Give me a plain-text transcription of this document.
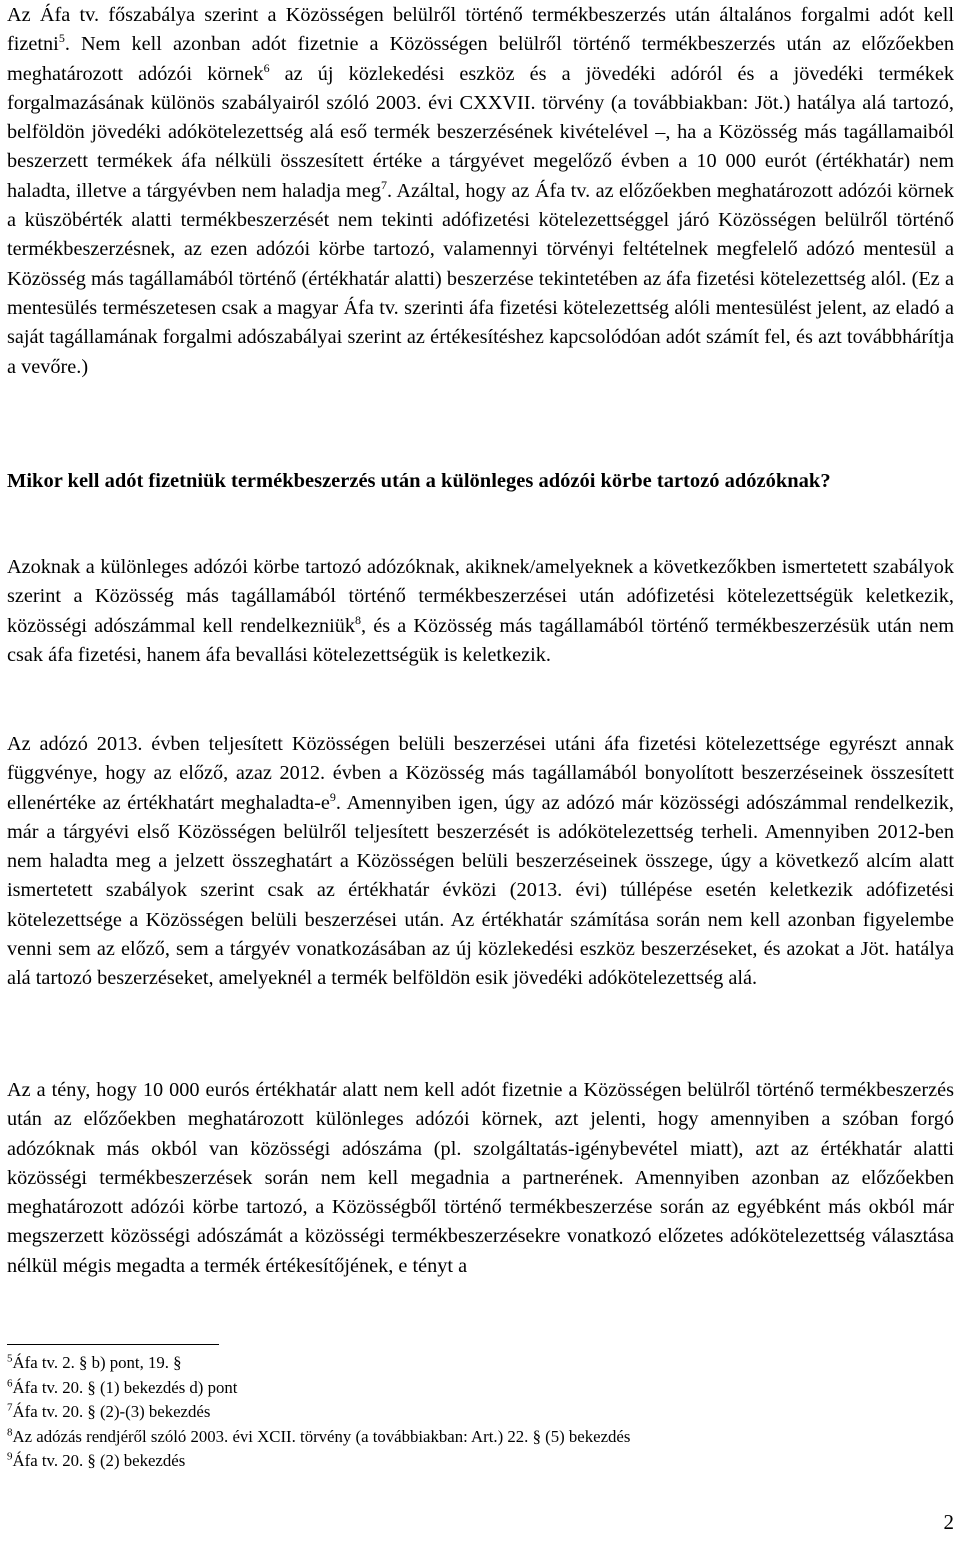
Az Áfa tv. főszabálya szerint a Közösségen belülről történő termékbeszerzés után általános forgalmi adót kell fizetni$^5$. Nem kell azonban adót fizetnie a Közösségen belülről történő termékbeszerzés után az előzőekben meghatározott adózói körnek$^6$ az új közlekedési eszköz és a jövedéki adóról és a jövedéki termékek forgalmazásának különös szabályairól szóló 2003. évi CXXVII. törvény (a továbbiakban: Jöt.) hatálya alá tartozó, belföldön jövedéki adókötelezettség alá eső termék beszerzésének kivételével –, ha a Közösség más tagállamaiból beszerzett termékek áfa nélküli összesített értéke a tárgyévet megelőző évben a 10 000 eurót (értékhatár) nem haladta, illetve a tárgyévben nem haladja meg$^7$. Azáltal, hogy az Áfa tv. az előzőekben meghatározott adózói körnek a küszöbérték alatti termékbeszerzését nem tekinti adófizetési kötelezettséggel járó Közösségen belülről történő termékbeszerzésnek, az ezen adózói körbe tartozó, valamennyi törvényi feltételnek megfelelő adózó mentesül a Közösség más tagállamából történő (értékhatár alatti) beszerzése tekintetében az áfa fizetési kötelezettség alól. (Ez a mentesülés természetesen csak a magyar Áfa tv. szerinti áfa fizetési kötelezettség alóli mentesülést jelent, az eladó a saját tagállamának forgalmi adószabályai szerint az értékesítéshez kapcsolódóan adót számít fel, és azt továbbhárítja a vevőre.)

Mikor kell adót fizetniük termékbeszerzés után a különleges adózói körbe tartozó adózóknak?

Azoknak a különleges adózói körbe tartozó adózóknak, akiknek/amelyeknek a következőkben ismertetett szabályok szerint a Közösség más tagállamából történő termékbeszerzései után adófizetési kötelezettségük keletkezik, közösségi adószámmal kell rendelkezniük$^8$, és a Közösség más tagállamából történő termékbeszerzésük után nem csak áfa fizetési, hanem áfa bevallási kötelezettségük is keletkezik.

Az adózó 2013. évben teljesített Közösségen belüli beszerzései utáni áfa fizetési kötelezettsége egyrészt annak függvénye, hogy az előző, azaz 2012. évben a Közösség más tagállamából bonyolított beszerzéseinek összesített ellenértéke az értékhatárt meghaladta-$e^9$. Amennyiben igen, úgy az adózó már közösségi adószámmal rendelkezik, már a tárgyévi első Közösségen belülről teljesített beszerzését is adókötelezettség terheli. Amennyiben 2012-ben nem haladta meg a jelzett összeghatárt a Közösségen belüli beszerzéseinek összege, úgy a következő alcím alatt ismertetett szabályok szerint csak az értékhatár évközi (2013. évi) túllépése esetén keletkezik adófizetési kötelezettsége a Közösségen belüli beszerzései után. Az értékhatár számítása során nem kell azonban figyelembe venni sem az előző, sem a tárgyév vonatkozásában az új közlekedési eszköz beszerzéseket, és azokat a Jöt. hatálya alá tartozó beszerzéseket, amelyeknél a termék belföldön esik jövedéki adókötelezettség alá.

Az a tény, hogy 10 000 eurós értékhatár alatt nem kell adót fizetnie a Közösségen belülről történő termékbeszerzés után az előzőekben meghatározott különleges adózói körnek, azt jelenti, hogy amennyiben a szóban forgó adózóknak más okból van közösségi adószáma (pl. szolgáltatás-igénybevétel miatt), azt az értékhatár alatti közösségi termékbeszerzések során nem kell megadnia a partnerének. Amennyiben azonban az előzőekben meghatározott adózói körbe tartozó, a Közösségből történő termékbeszerzése során az egyébként más okból már megszerzett közösségi adószámát a közösségi termékbeszerzésekre vonatkozó előzetes adókötelezettség választása nélkül mégis megadta a termék értékesítőjének, e tényt a

$^5$Áfa tv. 2. § b) pont, 19. §
$^6$Áfa tv. 20. § (1) bekezdés d) pont
$^7$Áfa tv. 20. § (2)-(3) bekezdés
$^8$Az adózás rendjéről szóló 2003. évi XCII. törvény (a továbbiakban: Art.) 22. § (5) bekezdés
$^9$Áfa tv. 20. § (2) bekezdés
2
